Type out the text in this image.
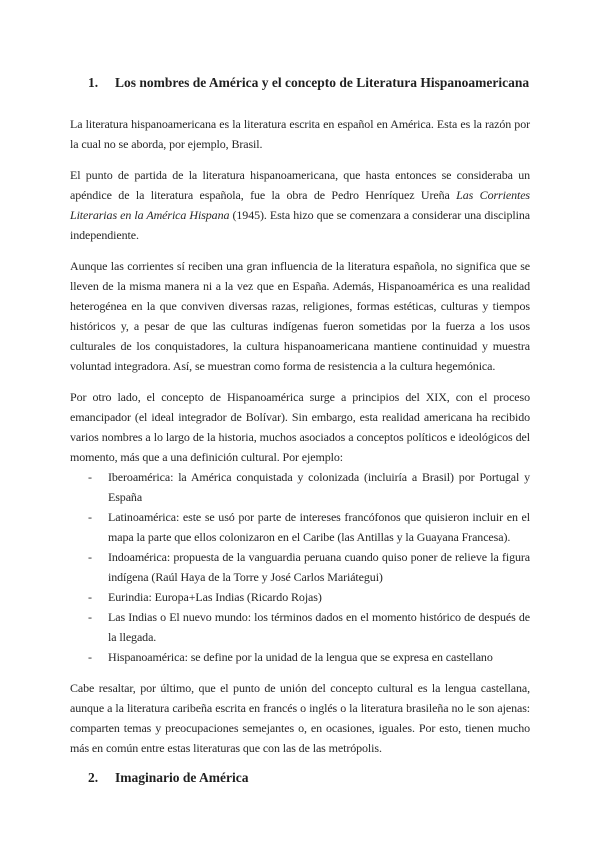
1.	Los nombres de América y el concepto de Literatura Hispanoamericana

La literatura hispanoamericana es la literatura escrita en español en América. Esta es la razón por la cual no se aborda, por ejemplo, Brasil.

El punto de partida de la literatura hispanoamericana, que hasta entonces se consideraba un apéndice de la literatura española, fue la obra de Pedro Henríquez Ureña Las Corrientes Literarias en la América Hispana (1945). Esta hizo que se comenzara a considerar una disciplina independiente.

Aunque las corrientes sí reciben una gran influencia de la literatura española, no significa que se lleven de la misma manera ni a la vez que en España. Además, Hispanoamérica es una realidad heterogénea en la que conviven diversas razas, religiones, formas estéticas, culturas y tiempos históricos y, a pesar de que las culturas indígenas fueron sometidas por la fuerza a los usos culturales de los conquistadores, la cultura hispanoamericana mantiene continuidad y muestra voluntad integradora. Así, se muestran como forma de resistencia a la cultura hegemónica.

Por otro lado, el concepto de Hispanoamérica surge a principios del XIX, con el proceso emancipador (el ideal integrador de Bolívar). Sin embargo, esta realidad americana ha recibido varios nombres a lo largo de la historia, muchos asociados a conceptos políticos e ideológicos del momento, más que a una definición cultural. Por ejemplo:

-	Iberoamérica: la América conquistada y colonizada (incluiría a Brasil) por Portugal y España
-	Latinoamérica: este se usó por parte de intereses francófonos que quisieron incluir en el mapa la parte que ellos colonizaron en el Caribe (las Antillas y la Guayana Francesa).
-	Indoamérica: propuesta de la vanguardia peruana cuando quiso poner de relieve la figura indígena (Raúl Haya de la Torre y José Carlos Mariátegui)
-	Eurindia: Europa+Las Indias (Ricardo Rojas)
-	Las Indias o El nuevo mundo: los términos dados en el momento histórico de después de la llegada.
-	Hispanoamérica: se define por la unidad de la lengua que se expresa en castellano

Cabe resaltar, por último, que el punto de unión del concepto cultural es la lengua castellana, aunque a la literatura caribeña escrita en francés o inglés o la literatura brasileña no le son ajenas: comparten temas y preocupaciones semejantes o, en ocasiones, iguales. Por esto, tienen mucho más en común entre estas literaturas que con las de las metrópolis.

2.	Imaginario de América
